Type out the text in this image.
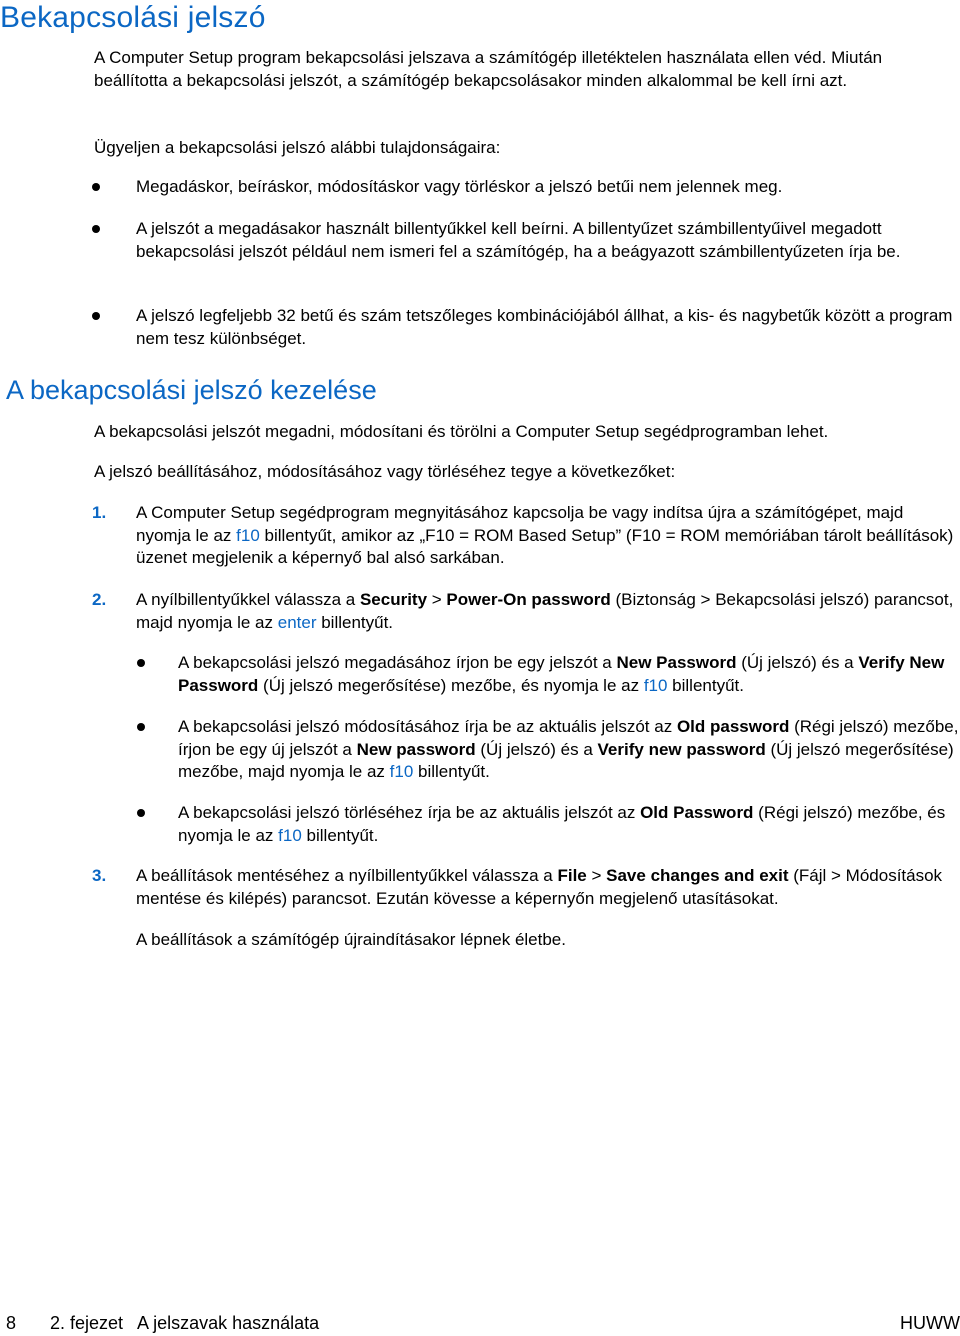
Bekapcsolási jelszó

A Computer Setup program bekapcsolási jelszava a számítógép illetéktelen használata ellen véd. Miután beállította a bekapcsolási jelszót, a számítógép bekapcsolásakor minden alkalommal be kell írni azt.

Ügyeljen a bekapcsolási jelszó alábbi tulajdonságaira:

Megadáskor, beíráskor, módosításkor vagy törléskor a jelszó betűi nem jelennek meg.

A jelszót a megadásakor használt billentyűkkel kell beírni. A billentyűzet számbillentyűivel megadott bekapcsolási jelszót például nem ismeri fel a számítógép, ha a beágyazott számbillentyűzeten írja be.

A jelszó legfeljebb 32 betű és szám tetszőleges kombinációjából állhat, a kis- és nagybetűk között a program nem tesz különbséget.

A bekapcsolási jelszó kezelése

A bekapcsolási jelszót megadni, módosítani és törölni a Computer Setup segédprogramban lehet.

A jelszó beállításához, módosításához vagy törléséhez tegye a következőket:

1. A Computer Setup segédprogram megnyitásához kapcsolja be vagy indítsa újra a számítógépet, majd nyomja le az f10 billentyűt, amikor az „F10 = ROM Based Setup” (F10 = ROM memóriában tárolt beállítások) üzenet megjelenik a képernyő bal alsó sarkában.

2. A nyílbillentyűkkel válassza a Security > Power-On password (Biztonság > Bekapcsolási jelszó) parancsot, majd nyomja le az enter billentyűt.

A bekapcsolási jelszó megadásához írjon be egy jelszót a New Password (Új jelszó) és a Verify New Password (Új jelszó megerősítése) mezőbe, és nyomja le az f10 billentyűt.

A bekapcsolási jelszó módosításához írja be az aktuális jelszót az Old password (Régi jelszó) mezőbe, írjon be egy új jelszót a New password (Új jelszó) és a Verify new password (Új jelszó megerősítése) mezőbe, majd nyomja le az f10 billentyűt.

A bekapcsolási jelszó törléséhez írja be az aktuális jelszót az Old Password (Régi jelszó) mezőbe, és nyomja le az f10 billentyűt.

3. A beállítások mentéséhez a nyílbillentyűkkel válassza a File > Save changes and exit (Fájl > Módosítások mentése és kilépés) parancsot. Ezután kövesse a képernyőn megjelenő utasításokat.

A beállítások a számítógép újraindításakor lépnek életbe.

8 2. fejezet   A jelszavak használata	HUWW
